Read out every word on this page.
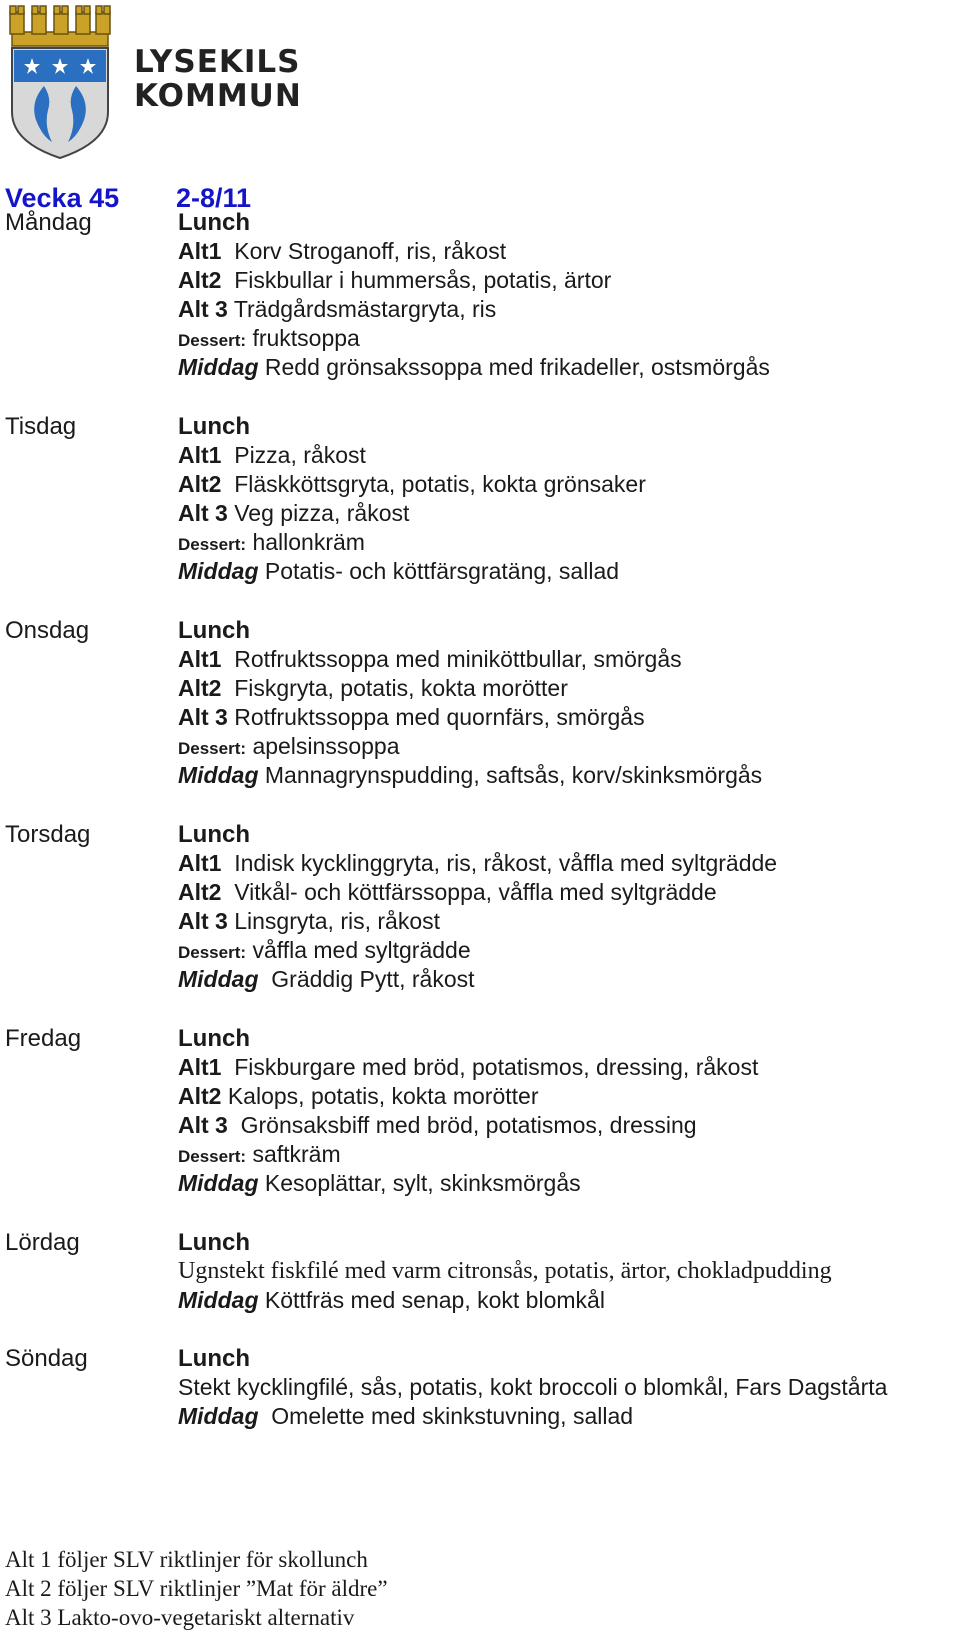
LYSEKILS
KOMMUN
Vecka 45 2-8/11
Måndag	Lunch
Alt1 Korv Stroganoff, ris, råkost
Alt2 Fiskbullar i hummersås, potatis, ärtor
Alt 3 Trädgårdsmästargryta, ris
Dessert: fruktsoppa
Middag Redd grönsakssoppa med frikadeller, ostsmörgås
Tisdag	Lunch
Alt1 Pizza, råkost
Alt2 Fläskköttsgryta, potatis, kokta grönsaker
Alt 3 Veg pizza, råkost
Dessert: hallonkräm
Middag Potatis- och köttfärsgratäng, sallad
Onsdag	Lunch
Alt1 Rotfruktssoppa med miniköttbullar, smörgås
Alt2 Fiskgryta, potatis, kokta morötter
Alt 3 Rotfruktssoppa med quornfärs, smörgås
Dessert: apelsinssoppa
Middag Mannagrynspudding, saftsås, korv/skinksmörgås
Torsdag	Lunch
Alt1 Indisk kycklinggryta, ris, råkost, våffla med syltgrädde
Alt2 Vitkål- och köttfärssoppa, våffla med syltgrädde
Alt 3 Linsgryta, ris, råkost
Dessert: våffla med syltgrädde
Middag Gräddig Pytt, råkost
Fredag	Lunch
Alt1 Fiskburgare med bröd, potatismos, dressing, råkost
Alt2 Kalops, potatis, kokta morötter
Alt 3 Grönsaksbiff med bröd, potatismos, dressing
Dessert: saftkräm
Middag Kesoplättar, sylt, skinksmörgås
Lördag	Lunch
Ugnstekt fiskfilé med varm citronsås, potatis, ärtor, chokladpudding
Middag Köttfräs med senap, kokt blomkål
Söndag	Lunch
Stekt kycklingfilé, sås, potatis, kokt broccoli o blomkål, Fars Dagstårta
Middag Omelette med skinkstuvning, sallad
Alt 1 följer SLV riktlinjer för skollunch
Alt 2 följer SLV riktlinjer ”Mat för äldre”
Alt 3 Lakto-ovo-vegetariskt alternativ
